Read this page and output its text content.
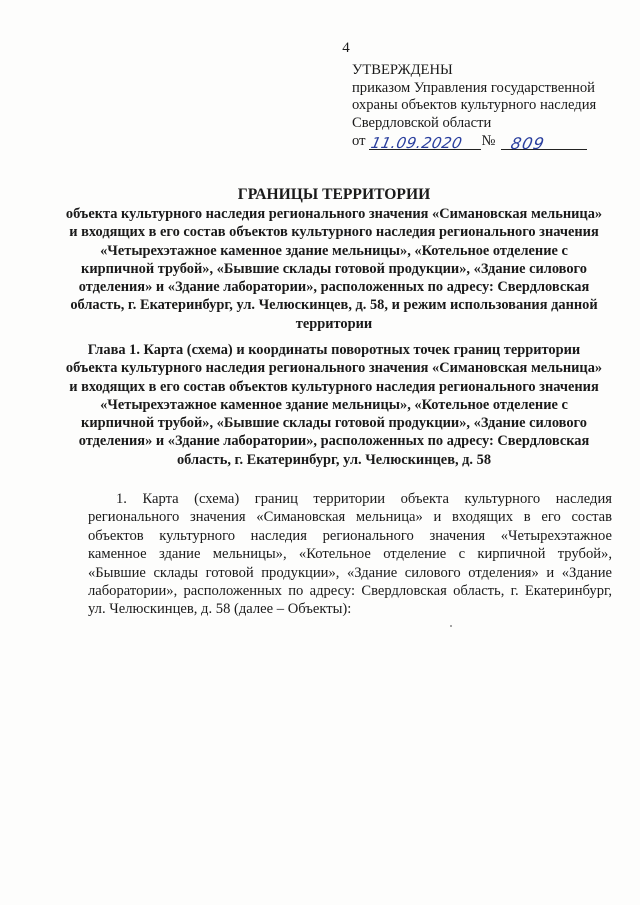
4
УТВЕРЖДЕНЫ
приказом Управления государственной
охраны объектов культурного наследия
Свердловской области
от 11.09.2020 № 809
ГРАНИЦЫ ТЕРРИТОРИИ
объекта культурного наследия регионального значения «Симановская мельница» и входящих в его состав объектов культурного наследия регионального значения «Четырехэтажное каменное здание мельницы», «Котельное отделение с кирпичной трубой», «Бывшие склады готовой продукции», «Здание силового отделения» и «Здание лаборатории», расположенных по адресу: Свердловская область, г. Екатеринбург, ул. Челюскинцев, д. 58, и режим использования данной территории
Глава 1. Карта (схема) и координаты поворотных точек границ территории объекта культурного наследия регионального значения «Симановская мельница» и входящих в его состав объектов культурного наследия регионального значения «Четырехэтажное каменное здание мельницы», «Котельное отделение с кирпичной трубой», «Бывшие склады готовой продукции», «Здание силового отделения» и «Здание лаборатории», расположенных по адресу: Свердловская область, г. Екатеринбург, ул. Челюскинцев, д. 58
1. Карта (схема) границ территории объекта культурного наследия регионального значения «Симановская мельница» и входящих в его состав объектов культурного наследия регионального значения «Четырехэтажное каменное здание мельницы», «Котельное отделение с кирпичной трубой», «Бывшие склады готовой продукции», «Здание силового отделения» и «Здание лаборатории», расположенных по адресу: Свердловская область, г. Екатеринбург, ул. Челюскинцев, д. 58 (далее – Объекты):
